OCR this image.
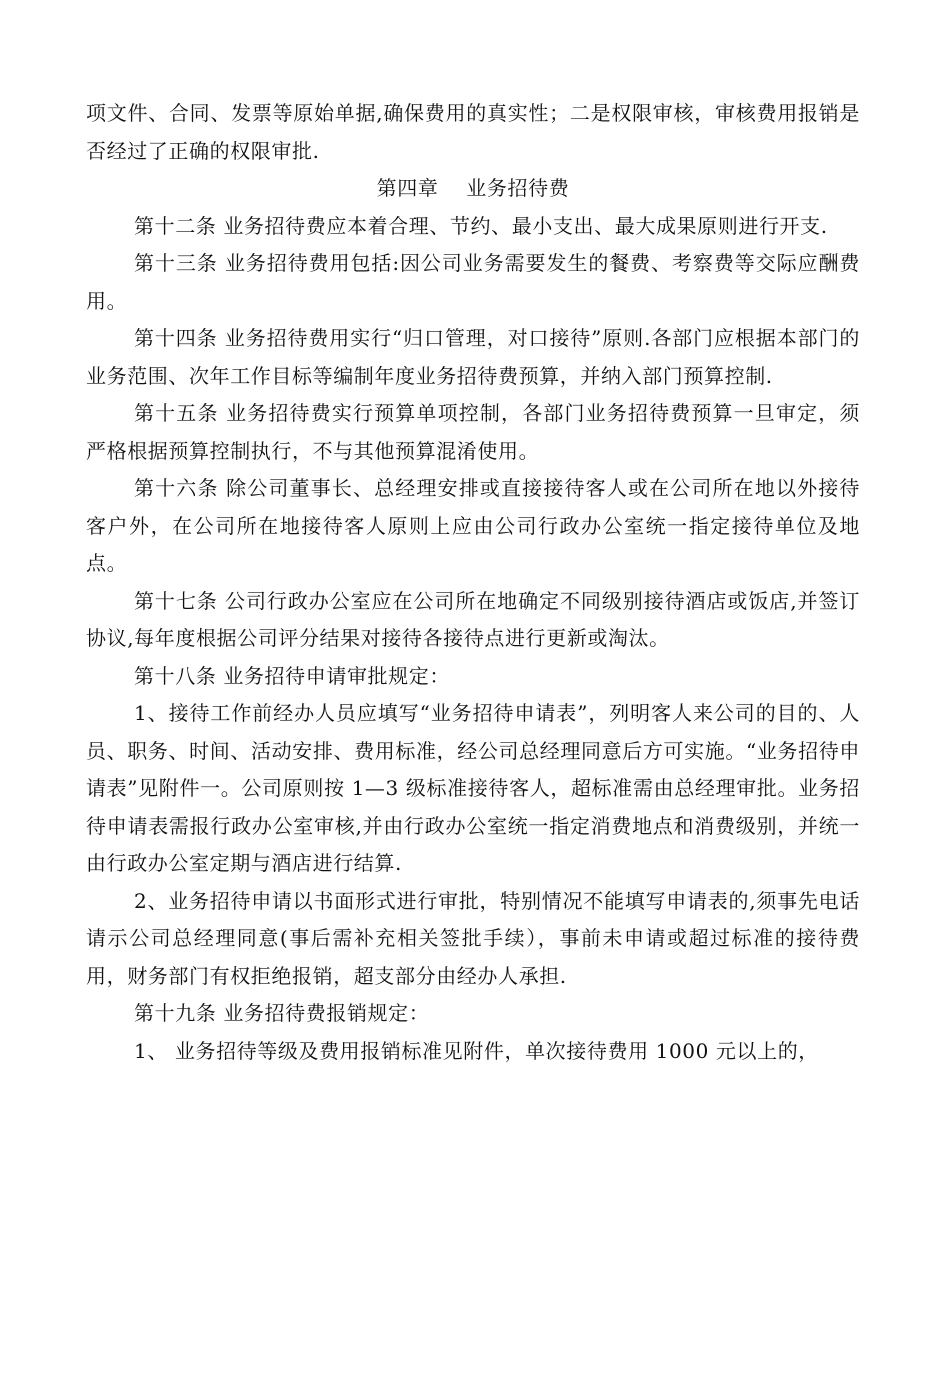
项文件、合同、发票等原始单据,确保费用的真实性；二是权限审核，审核费用报销是否经过了正确的权限审批.

第四章    业务招待费

第十二条 业务招待费应本着合理、节约、最小支出、最大成果原则进行开支.

第十三条 业务招待费用包括:因公司业务需要发生的餐费、考察费等交际应酬费用。

第十四条 业务招待费用实行“归口管理，对口接待”原则.各部门应根据本部门的业务范围、次年工作目标等编制年度业务招待费预算，并纳入部门预算控制.

第十五条 业务招待费实行预算单项控制，各部门业务招待费预算一旦审定，须严格根据预算控制执行，不与其他预算混淆使用。

第十六条 除公司董事长、总经理安排或直接接待客人或在公司所在地以外接待客户外，在公司所在地接待客人原则上应由公司行政办公室统一指定接待单位及地点。

第十七条 公司行政办公室应在公司所在地确定不同级别接待酒店或饭店,并签订协议,每年度根据公司评分结果对接待各接待点进行更新或淘汰。

第十八条 业务招待申请审批规定：

1、接待工作前经办人员应填写“业务招待申请表”，列明客人来公司的目的、人员、职务、时间、活动安排、费用标准，经公司总经理同意后方可实施。“业务招待申请表”见附件一。公司原则按 1—3 级标准接待客人，超标准需由总经理审批。业务招待申请表需报行政办公室审核,并由行政办公室统一指定消费地点和消费级别，并统一由行政办公室定期与酒店进行结算.

2、业务招待申请以书面形式进行审批，特别情况不能填写申请表的,须事先电话请示公司总经理同意(事后需补充相关签批手续），事前未申请或超过标准的接待费用，财务部门有权拒绝报销，超支部分由经办人承担.

第十九条 业务招待费报销规定：

1、 业务招待等级及费用报销标准见附件，单次接待费用 1000 元以上的，
